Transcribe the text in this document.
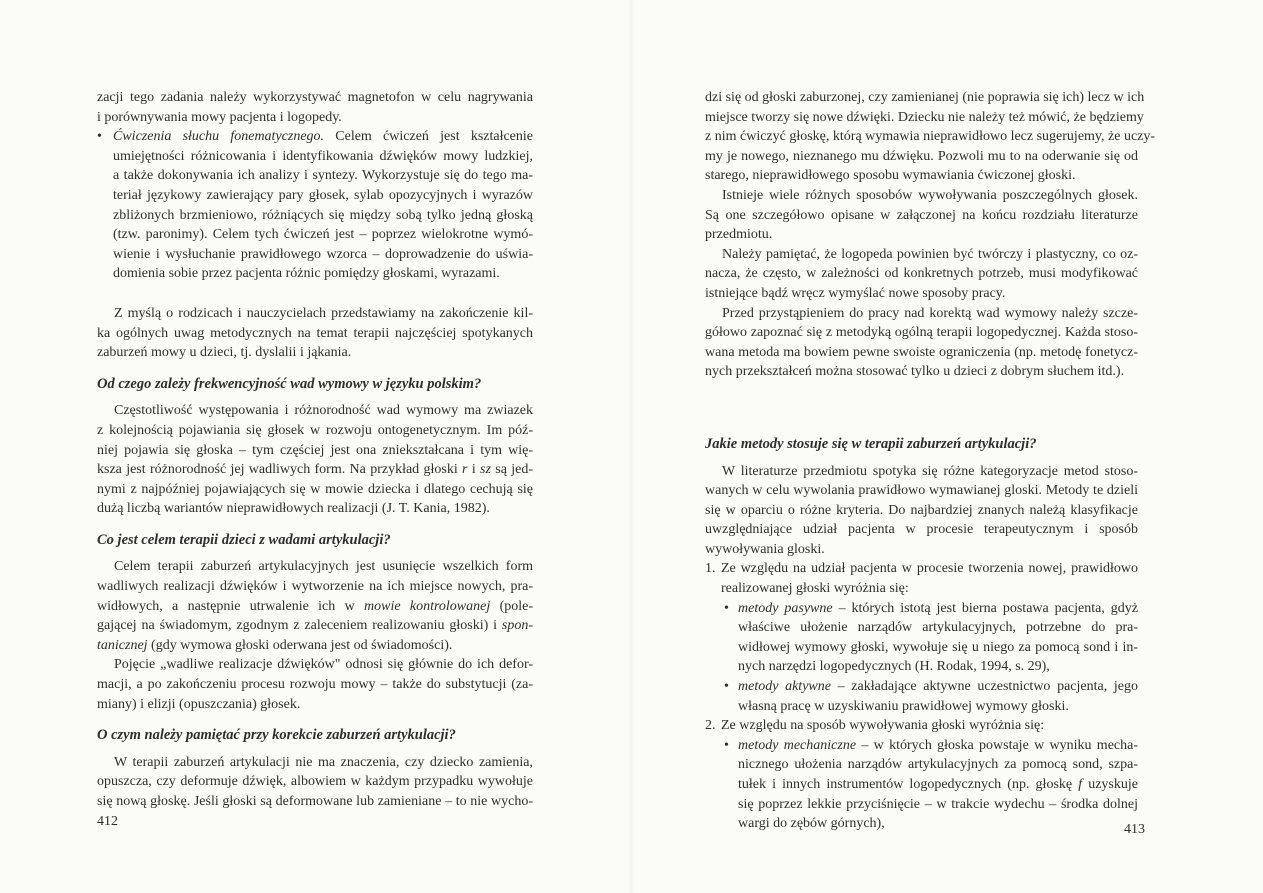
zacji tego zadania należy wykorzystywać magnetofon w celu nagrywania
i porównywania mowy pacjenta i logopedy.
• Ćwiczenia słuchu fonematycznego. Celem ćwiczeń jest kształcenie
umiejętności różnicowania i identyfikowania dźwięków mowy ludzkiej,
a także dokonywania ich analizy i syntezy. Wykorzystuje się do tego ma-
teriał językowy zawierający pary głosek, sylab opozycyjnych i wyrazów
zbliżonych brzmieniowo, różniących się między sobą tylko jedną głoską
(tzw. paronimy). Celem tych ćwiczeń jest – poprzez wielokrotne wymó-
wienie i wysłuchanie prawidłowego wzorca – doprowadzenie do uświa-
domienia sobie przez pacjenta różnic pomiędzy głoskami, wyrazami.
Z myślą o rodzicach i nauczycielach przedstawiamy na zakończenie kil-
ka ogólnych uwag metodycznych na temat terapii najczęściej spotykanych
zaburzeń mowy u dzieci, tj. dyslalii i jąkania.
Od czego zależy frekwencyjność wad wymowy w języku polskim?
Częstotliwość występowania i różnorodność wad wymowy ma zwiazek
z kolejnością pojawiania się głosek w rozwoju ontogenetycznym. Im póź-
niej pojawia się głoska – tym częściej jest ona zniekształcana i tym wię-
ksza jest różnorodność jej wadliwych form. Na przykład głoski r i sz są jed-
nymi z najpóźniej pojawiających się w mowie dziecka i dlatego cechują się
dużą liczbą wariantów nieprawidłowych realizacji (J. T. Kania, 1982).
Co jest celem terapii dzieci z wadami artykulacji?
Celem terapii zaburzeń artykulacyjnych jest usunięcie wszelkich form
wadliwych realizacji dźwięków i wytworzenie na ich miejsce nowych, pra-
widłowych, a następnie utrwalenie ich w mowie kontrolowanej (pole-
gającej na świadomym, zgodnym z zaleceniem realizowaniu głoski) i spon-
tanicznej (gdy wymowa głoski oderwana jest od świadomości).
Pojęcie „wadliwe realizacje dźwięków" odnosi się głównie do ich defor-
macji, a po zakończeniu procesu rozwoju mowy – także do substytucji (za-
miany) i elizji (opuszczania) głosek.
O czym należy pamiętać przy korekcie zaburzeń artykulacji?
W terapii zaburzeń artykulacji nie ma znaczenia, czy dziecko zamienia,
opuszcza, czy deformuje dźwięk, albowiem w każdym przypadku wywołuje
się nową głoskę. Jeśli głoski są deformowane lub zamieniane – to nie wycho-
dzi się od głoski zaburzonej, czy zamienianej (nie poprawia się ich) lecz w ich
miejsce tworzy się nowe dźwięki. Dziecku nie należy też mówić, że będziemy
z nim ćwiczyć głoskę, którą wymawia nieprawidłowo lecz sugerujemy, że uczy-
my je nowego, nieznanego mu dźwięku. Pozwoli mu to na oderwanie się od
starego, nieprawidłowego sposobu wymawiania ćwiczonej głoski.
Istnieje wiele różnych sposobów wywoływania poszczególnych głosek.
Są one szczegółowo opisane w załączonej na końcu rozdziału literaturze
przedmiotu.
Należy pamiętać, że logopeda powinien być twórczy i plastyczny, co oz-
nacza, że często, w zależności od konkretnych potrzeb, musi modyfikować
istniejące bądź wręcz wymyślać nowe sposoby pracy.
Przed przystąpieniem do pracy nad korektą wad wymowy należy szcze-
gółowo zapoznać się z metodyką ogólną terapii logopedycznej. Każda stoso-
wana metoda ma bowiem pewne swoiste ograniczenia (np. metodę fonetycz-
nych przekształceń można stosować tylko u dzieci z dobrym słuchem itd.).
Jakie metody stosuje się w terapii zaburzeń artykulacji?
W literaturze przedmiotu spotyka się różne kategoryzacje metod stoso-
wanych w celu wywolania prawidłowo wymawianej gloski. Metody te dzieli
się w oparciu o różne kryteria. Do najbardziej znanych należą klasyfikacje
uwzględniające udział pacjenta w procesie terapeutycznym i sposób
wywoływania gloski.
1. Ze względu na udział pacjenta w procesie tworzenia nowej, prawidłowo
realizowanej głoski wyróżnia się:
• metody pasywne – których istotą jest bierna postawa pacjenta, gdyż
właściwe ułożenie narządów artykulacyjnych, potrzebne do pra-
widłowej wymowy głoski, wywołuje się u niego za pomocą sond i in-
nych narzędzi logopedycznych (H. Rodak, 1994, s. 29),
• metody aktywne – zakładające aktywne uczestnictwo pacjenta, jego
własną pracę w uzyskiwaniu prawidłowej wymowy głoski.
2. Ze względu na sposób wywoływania głoski wyróżnia się:
• metody mechaniczne – w których głoska powstaje w wyniku mecha-
nicznego ułożenia narządów artykulacyjnych za pomocą sond, szpa-
tułek i innych instrumentów logopedycznych (np. głoskę f uzyskuje
się poprzez lekkie przyciśnięcie – w trakcie wydechu – środka dolnej
wargi do zębów górnych),
412
413
